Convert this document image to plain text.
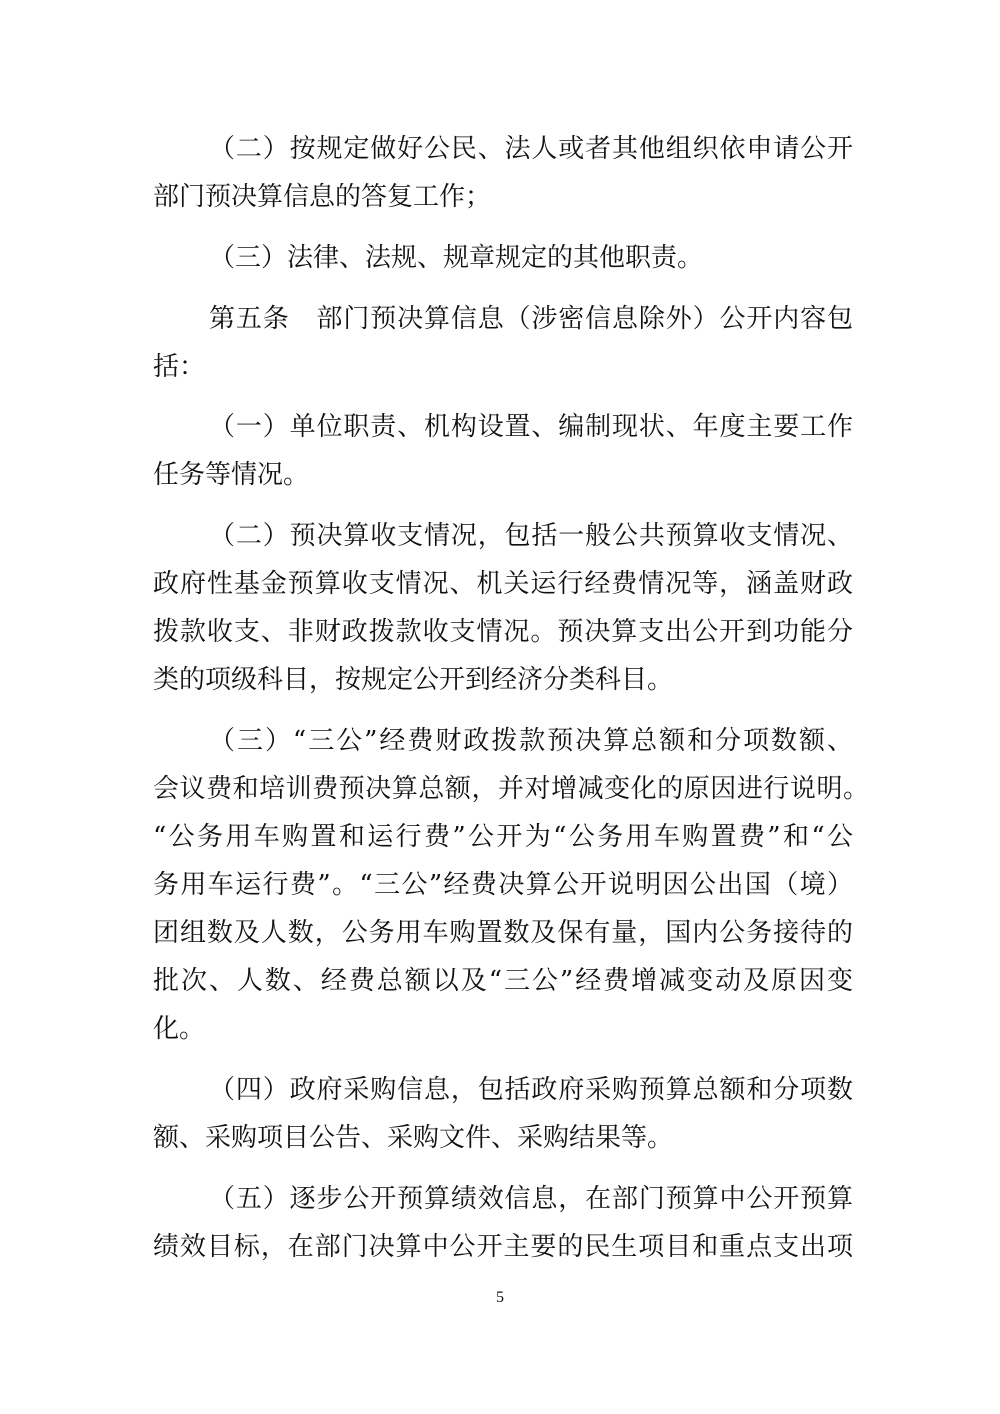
（二）按规定做好公民、法人或者其他组织依申请公开
部门预决算信息的答复工作；
（三）法律、法规、规章规定的其他职责。
第五条　部门预决算信息（涉密信息除外）公开内容包
括：
（一）单位职责、机构设置、编制现状、年度主要工作
任务等情况。
（二）预决算收支情况，包括一般公共预算收支情况、
政府性基金预算收支情况、机关运行经费情况等，涵盖财政
拨款收支、非财政拨款收支情况。预决算支出公开到功能分
类的项级科目，按规定公开到经济分类科目。
（三）“三公”经费财政拨款预决算总额和分项数额、
会议费和培训费预决算总额，并对增减变化的原因进行说明。
“公务用车购置和运行费”公开为“公务用车购置费”和“公
务用车运行费”。“三公”经费决算公开说明因公出国（境）
团组数及人数，公务用车购置数及保有量，国内公务接待的
批次、人数、经费总额以及“三公”经费增减变动及原因变
化。
（四）政府采购信息，包括政府采购预算总额和分项数
额、采购项目公告、采购文件、采购结果等。
（五）逐步公开预算绩效信息，在部门预算中公开预算
绩效目标，在部门决算中公开主要的民生项目和重点支出项
5
